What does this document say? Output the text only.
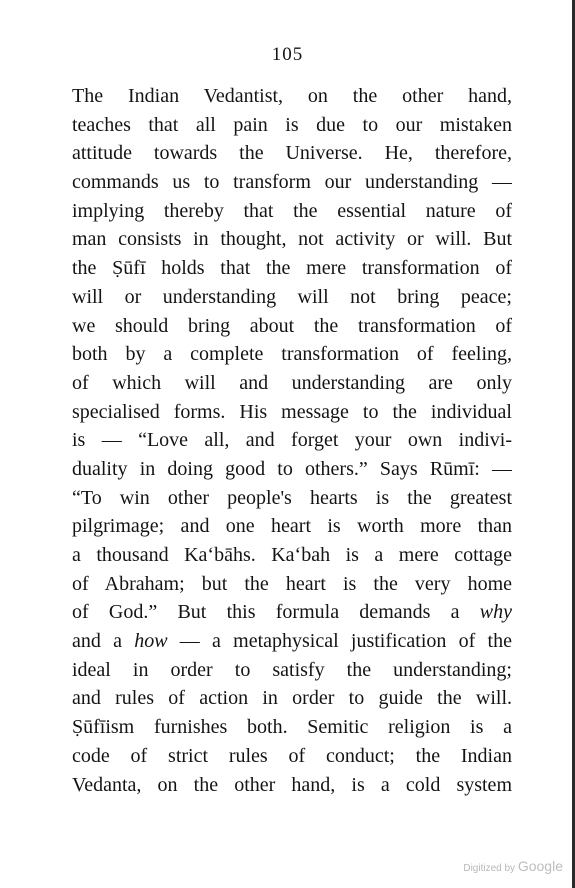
105
The Indian Vedantist, on the other hand,
teaches that all pain is due to our mistaken
attitude towards the Universe. He, therefore,
commands us to transform our understanding —
implying thereby that the essential nature of
man consists in thought, not activity or will. But
the Ṣūfī holds that the mere transformation of
will or understanding will not bring peace;
we should bring about the transformation of
both by a complete transformation of feeling,
of which will and understanding are only
specialised forms. His message to the individual
is — “Love all, and forget your own indivi-
duality in doing good to others.” Says Rūmī: —
“To win other people's hearts is the greatest
pilgrimage; and one heart is worth more than
a thousand Ka‘bāhs. Ka‘bah is a mere cottage
of Abraham; but the heart is the very home
of God.” But this formula demands a why
and a how — a metaphysical justification of the
ideal in order to satisfy the understanding;
and rules of action in order to guide the will.
Ṣūfīism furnishes both. Semitic religion is a
code of strict rules of conduct; the Indian
Vedanta, on the other hand, is a cold system
Digitized by Google
